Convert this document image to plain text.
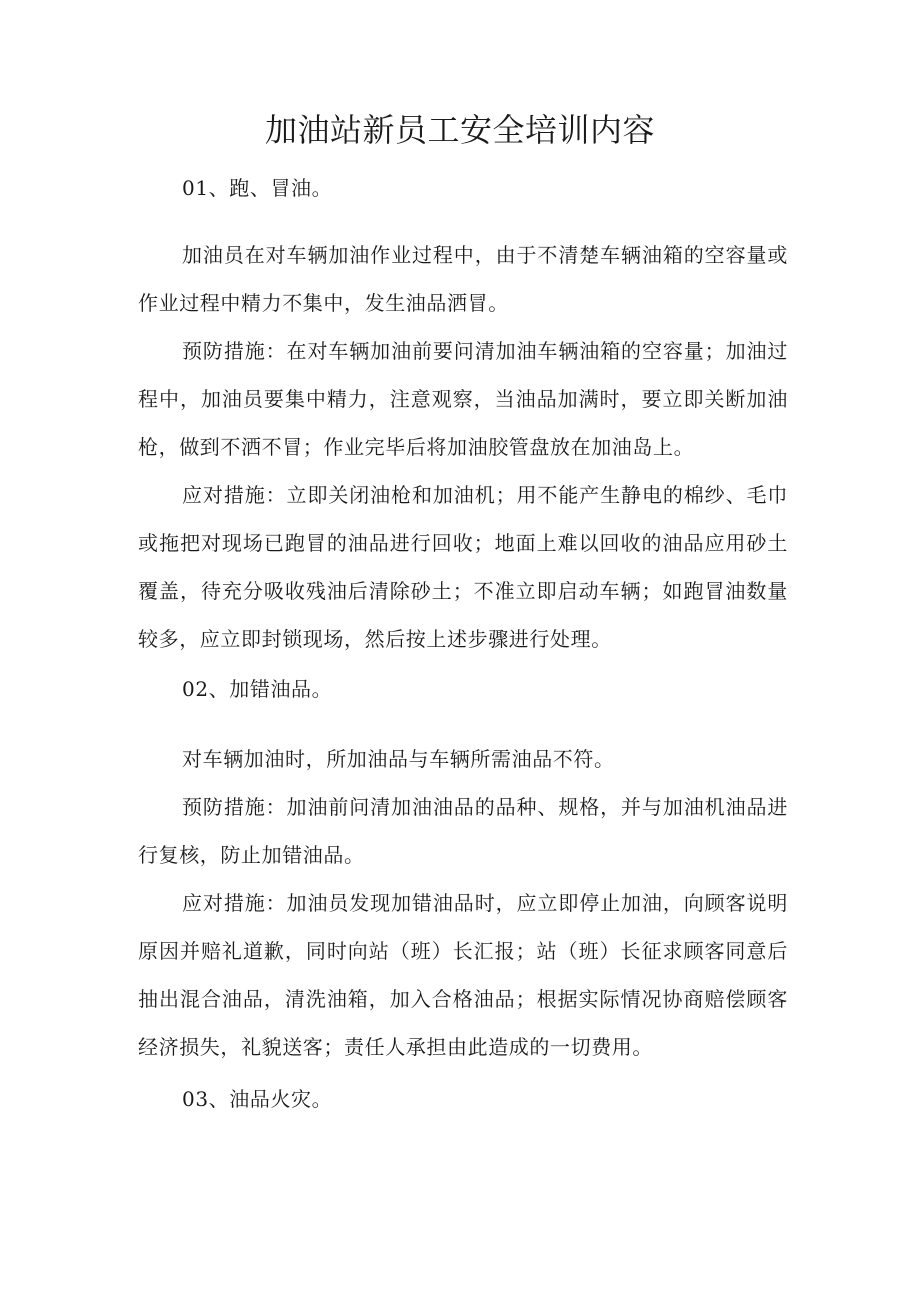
加油站新员工安全培训内容

01、跑、冒油。

加油员在对车辆加油作业过程中，由于不清楚车辆油箱的空容量或作业过程中精力不集中，发生油品洒冒。

预防措施：在对车辆加油前要问清加油车辆油箱的空容量；加油过程中，加油员要集中精力，注意观察，当油品加满时，要立即关断加油枪，做到不洒不冒；作业完毕后将加油胶管盘放在加油岛上。

应对措施：立即关闭油枪和加油机；用不能产生静电的棉纱、毛巾或拖把对现场已跑冒的油品进行回收；地面上难以回收的油品应用砂土覆盖，待充分吸收残油后清除砂土；不准立即启动车辆；如跑冒油数量较多，应立即封锁现场，然后按上述步骤进行处理。

02、加错油品。

对车辆加油时，所加油品与车辆所需油品不符。

预防措施：加油前问清加油油品的品种、规格，并与加油机油品进行复核，防止加错油品。

应对措施：加油员发现加错油品时，应立即停止加油，向顾客说明原因并赔礼道歉，同时向站（班）长汇报；站（班）长征求顾客同意后抽出混合油品，清洗油箱，加入合格油品；根据实际情况协商赔偿顾客经济损失，礼貌送客；责任人承担由此造成的一切费用。

03、油品火灾。
